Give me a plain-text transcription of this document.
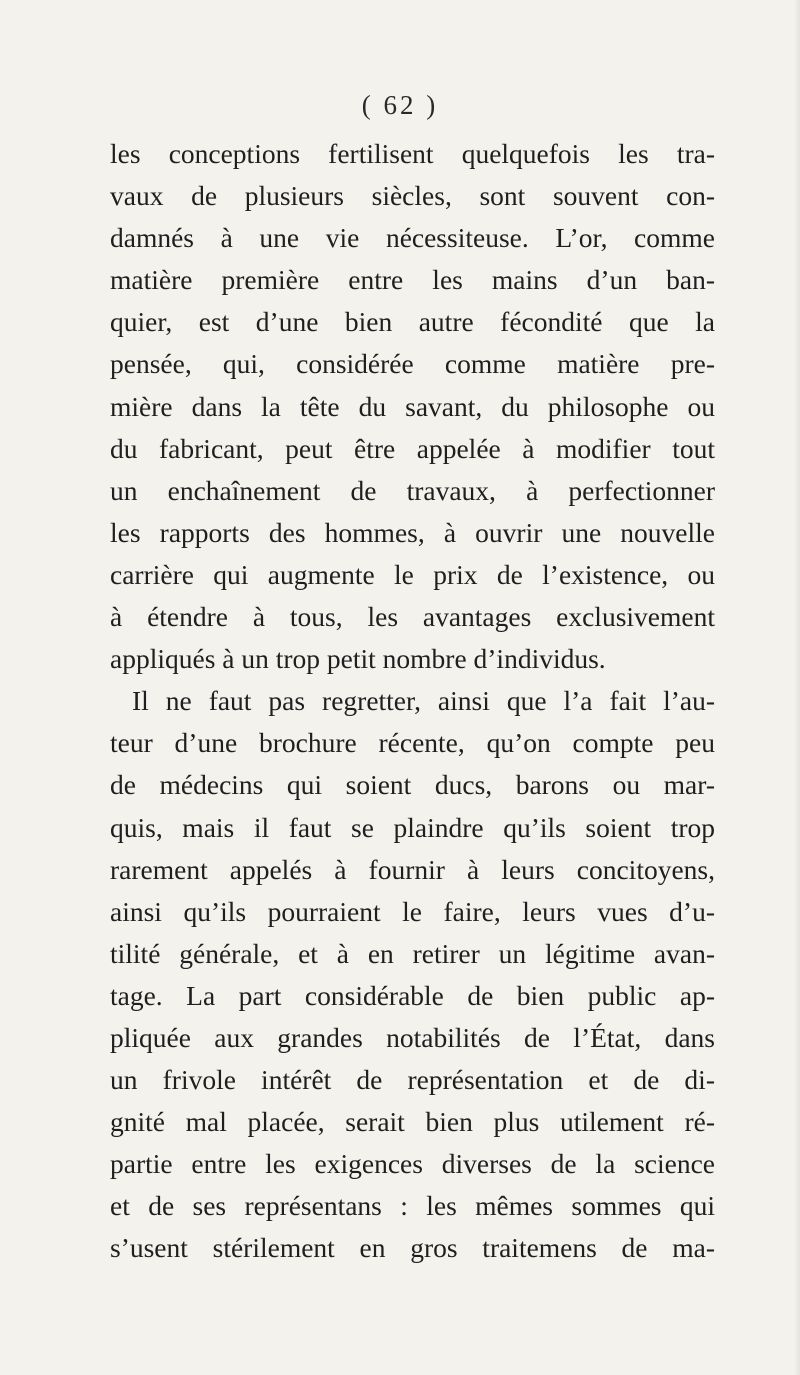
( 62 )
les conceptions fertilisent quelquefois les tra-
vaux de plusieurs siècles, sont souvent con-
damnés à une vie nécessiteuse. L’or, comme
matière première entre les mains d’un ban-
quier, est d’une bien autre fécondité que la
pensée, qui, considérée comme matière pre-
mière dans la tête du savant, du philosophe ou
du fabricant, peut être appelée à modifier tout
un enchaînement de travaux, à perfectionner
les rapports des hommes, à ouvrir une nouvelle
carrière qui augmente le prix de l’existence, ou
à étendre à tous, les avantages exclusivement
appliqués à un trop petit nombre d’individus.
Il ne faut pas regretter, ainsi que l’a fait l’au-
teur d’une brochure récente, qu’on compte peu
de médecins qui soient ducs, barons ou mar-
quis, mais il faut se plaindre qu’ils soient trop
rarement appelés à fournir à leurs concitoyens,
ainsi qu’ils pourraient le faire, leurs vues d’u-
tilité générale, et à en retirer un légitime avan-
tage. La part considérable de bien public ap-
pliquée aux grandes notabilités de l’État, dans
un frivole intérêt de représentation et de di-
gnité mal placée, serait bien plus utilement ré-
partie entre les exigences diverses de la science
et de ses représentans : les mêmes sommes qui
s’usent stérilement en gros traitemens de ma-
